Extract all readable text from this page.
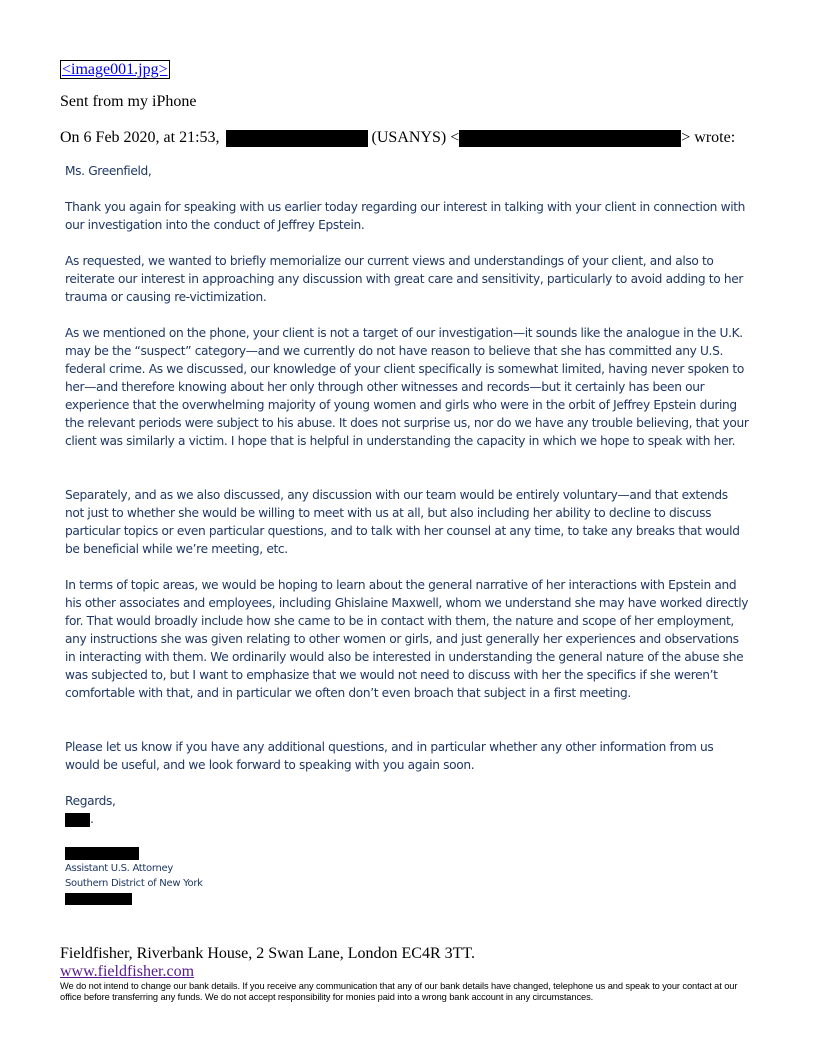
<image001.jpg>
Sent from my iPhone
On 6 Feb 2020, at 21:53,	(USANYS) <	> wrote:

Ms. Greenfield,

Thank you again for speaking with us earlier today regarding our interest in talking with your client in connection with our investigation into the conduct of Jeffrey Epstein.

As requested, we wanted to briefly memorialize our current views and understandings of your client, and also to reiterate our interest in approaching any discussion with great care and sensitivity, particularly to avoid adding to her trauma or causing re-victimization.

As we mentioned on the phone, your client is not a target of our investigation—it sounds like the analogue in the U.K. may be the “suspect” category—and we currently do not have reason to believe that she has committed any U.S. federal crime. As we discussed, our knowledge of your client specifically is somewhat limited, having never spoken to her—and therefore knowing about her only through other witnesses and records—but it certainly has been our experience that the overwhelming majority of young women and girls who were in the orbit of Jeffrey Epstein during the relevant periods were subject to his abuse. It does not surprise us, nor do we have any trouble believing, that your client was similarly a victim. I hope that is helpful in understanding the capacity in which we hope to speak with her.

Separately, and as we also discussed, any discussion with our team would be entirely voluntary—and that extends not just to whether she would be willing to meet with us at all, but also including her ability to decline to discuss particular topics or even particular questions, and to talk with her counsel at any time, to take any breaks that would be beneficial while we’re meeting, etc.

In terms of topic areas, we would be hoping to learn about the general narrative of her interactions with Epstein and his other associates and employees, including Ghislaine Maxwell, whom we understand she may have worked directly for. That would broadly include how she came to be in contact with them, the nature and scope of her employment, any instructions she was given relating to other women or girls, and just generally her experiences and observations in interacting with them. We ordinarily would also be interested in understanding the general nature of the abuse she was subjected to, but I want to emphasize that we would not need to discuss with her the specifics if she weren’t comfortable with that, and in particular we often don’t even broach that subject in a first meeting.

Please let us know if you have any additional questions, and in particular whether any other information from us would be useful, and we look forward to speaking with you again soon.

Regards,

.
Assistant U.S. Attorney
Southern District of New York
Fieldfisher, Riverbank House, 2 Swan Lane, London EC4R 3TT.
www.fieldfisher.com
We do not intend to change our bank details. If you receive any communication that any of our bank details have changed, telephone us and speak to your contact at our office before transferring any funds. We do not accept responsibility for monies paid into a wrong bank account in any circumstances.
